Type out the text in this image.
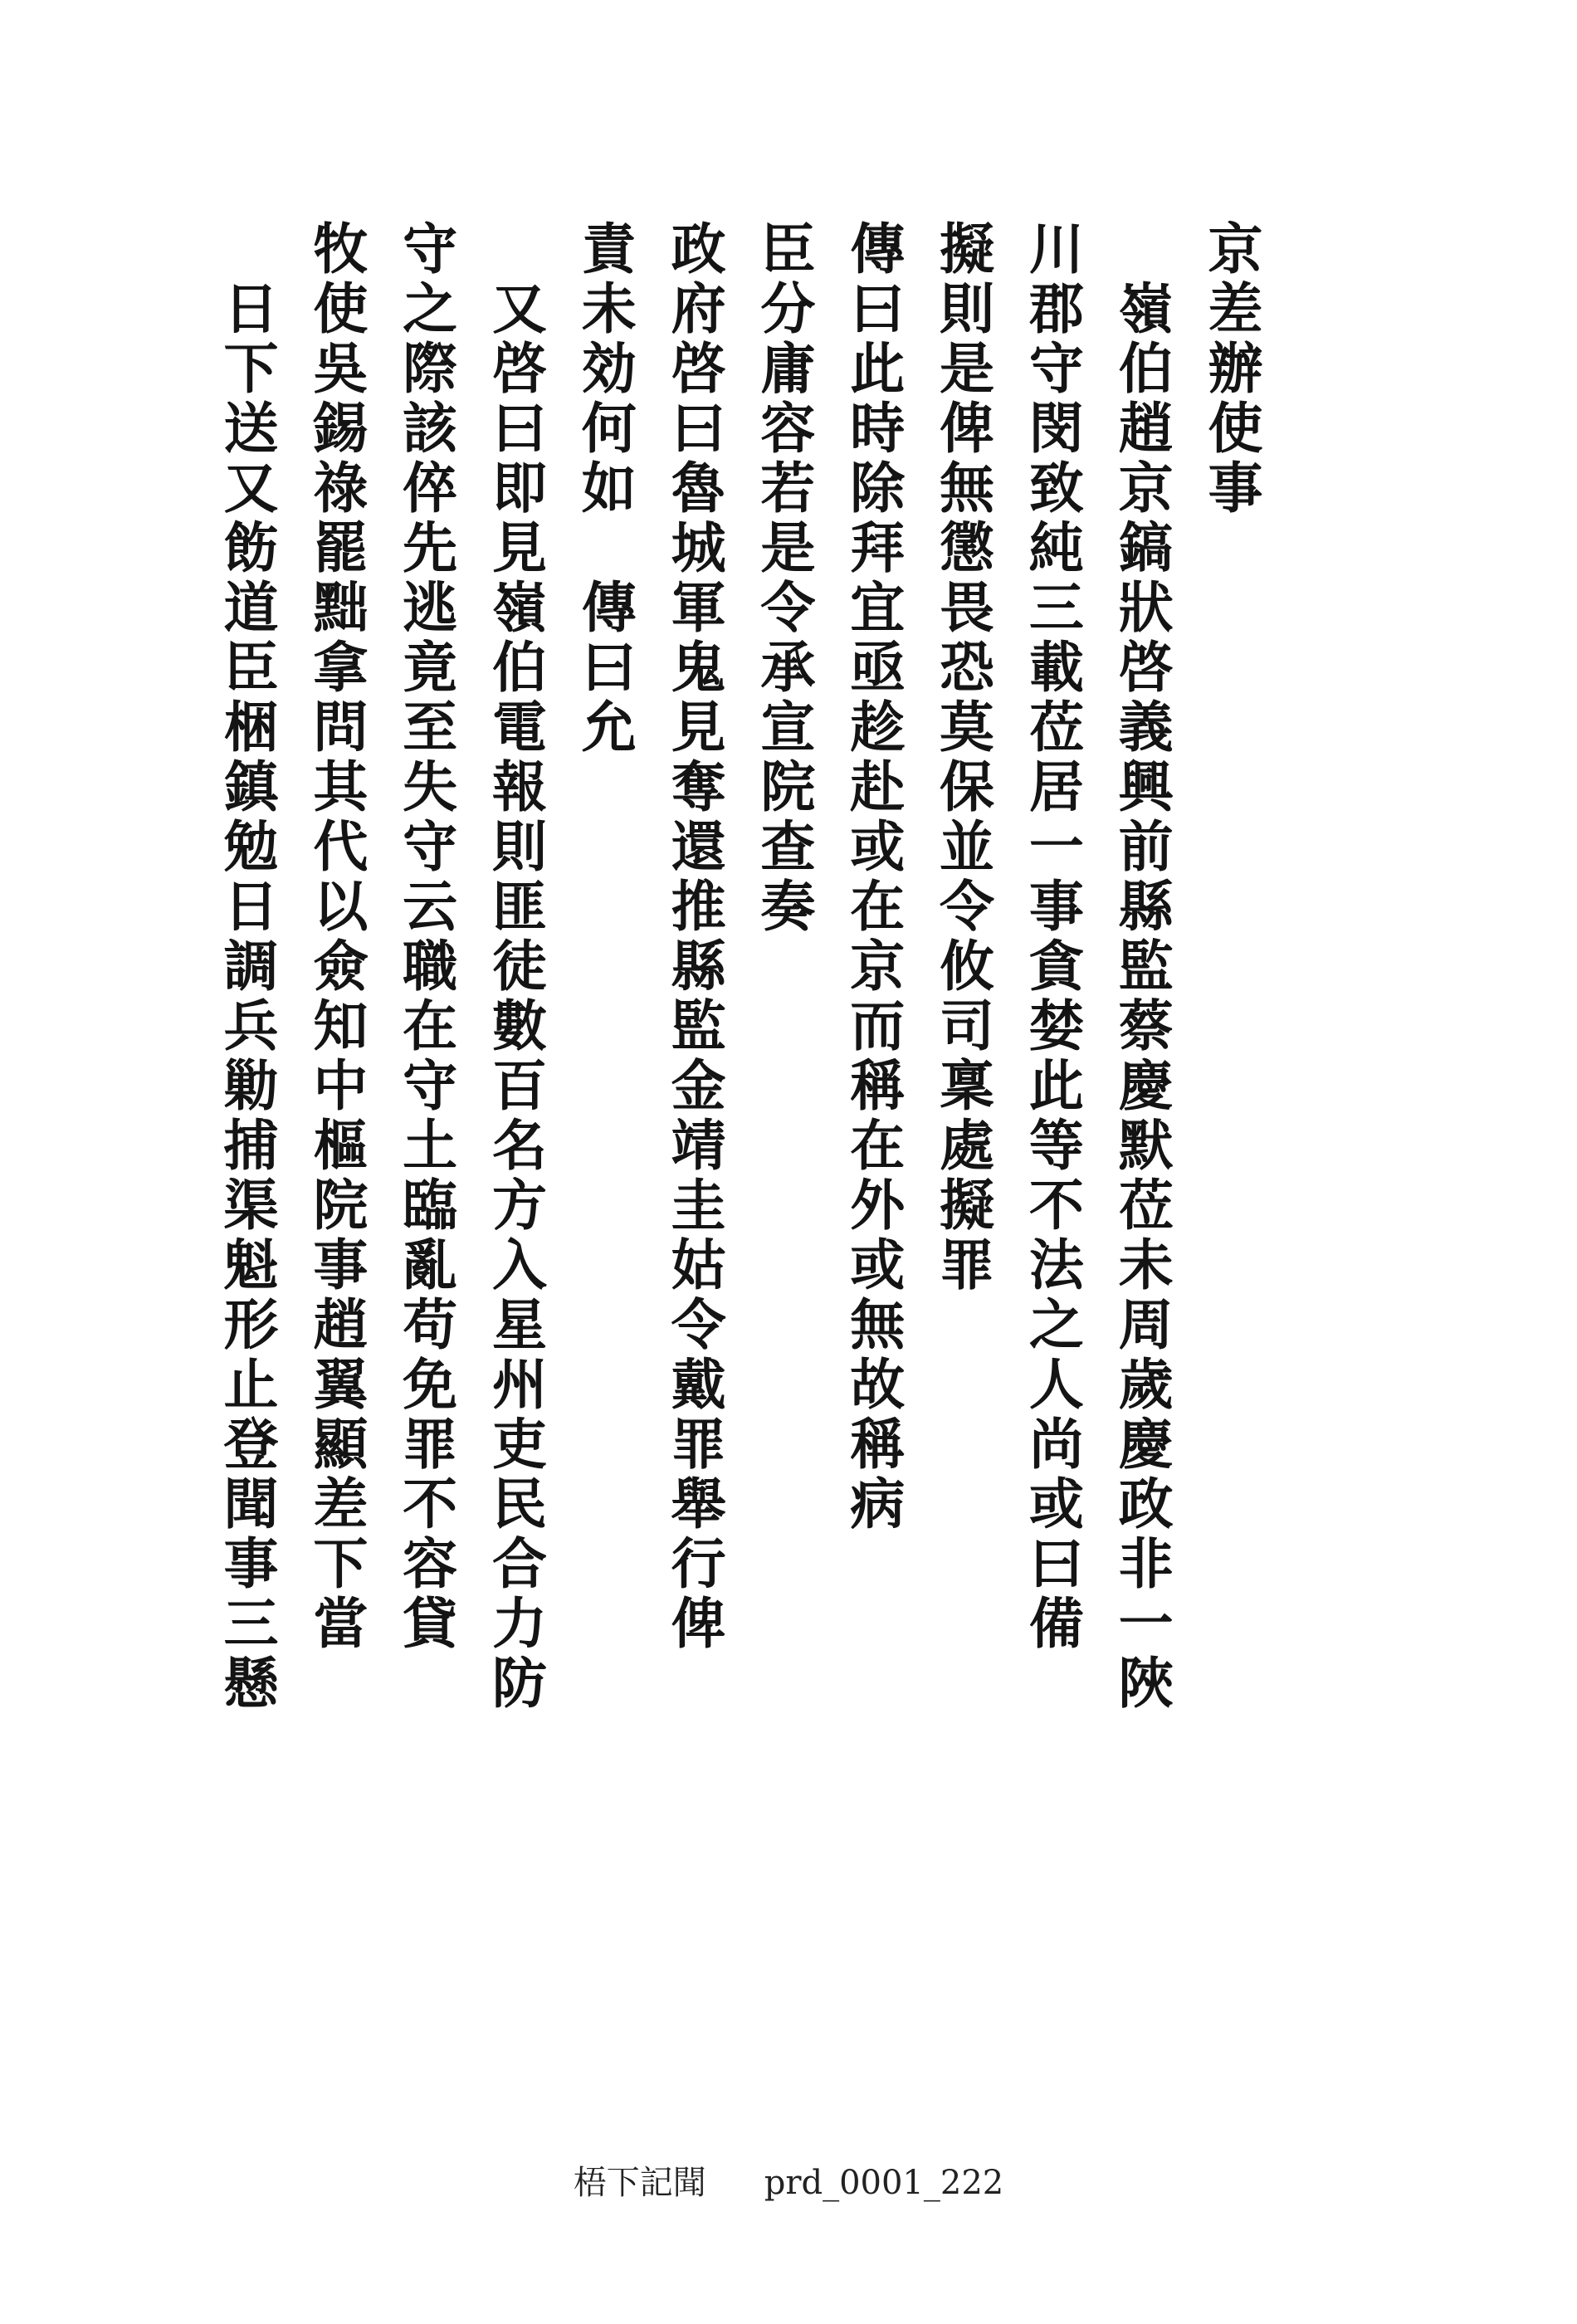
京差辦使事
嶺伯趙京鎬狀啓義興前縣監蔡慶默莅未周歲慶政非一陜
川郡守閔致純三載莅居一事貪婪此等不法之人尚或曰備
擬則是俾無懲畏恐莫保並令攸司稟處擬罪
傳曰此時除拜宜亟趁赴或在京而稱在外或無故稱病
臣分庸容若是令承宣院查奏
政府啓曰魯城軍鬼見奪還推縣監金靖圭姑令戴罪舉行俾
責未効何如　傳曰允
又啓曰即見嶺伯電報則匪徒數百名方入星州吏民合力防
守之際該倅先逃竟至失守云職在守土臨亂苟免罪不容貸
牧使吳錫祿罷黜拿問其代以僉知中樞院事趙翼顯差下當
日下送又飭道臣梱鎮勉日調兵勦捕渠魁形止登聞事三懸
梧下記聞 prd_0001_222
